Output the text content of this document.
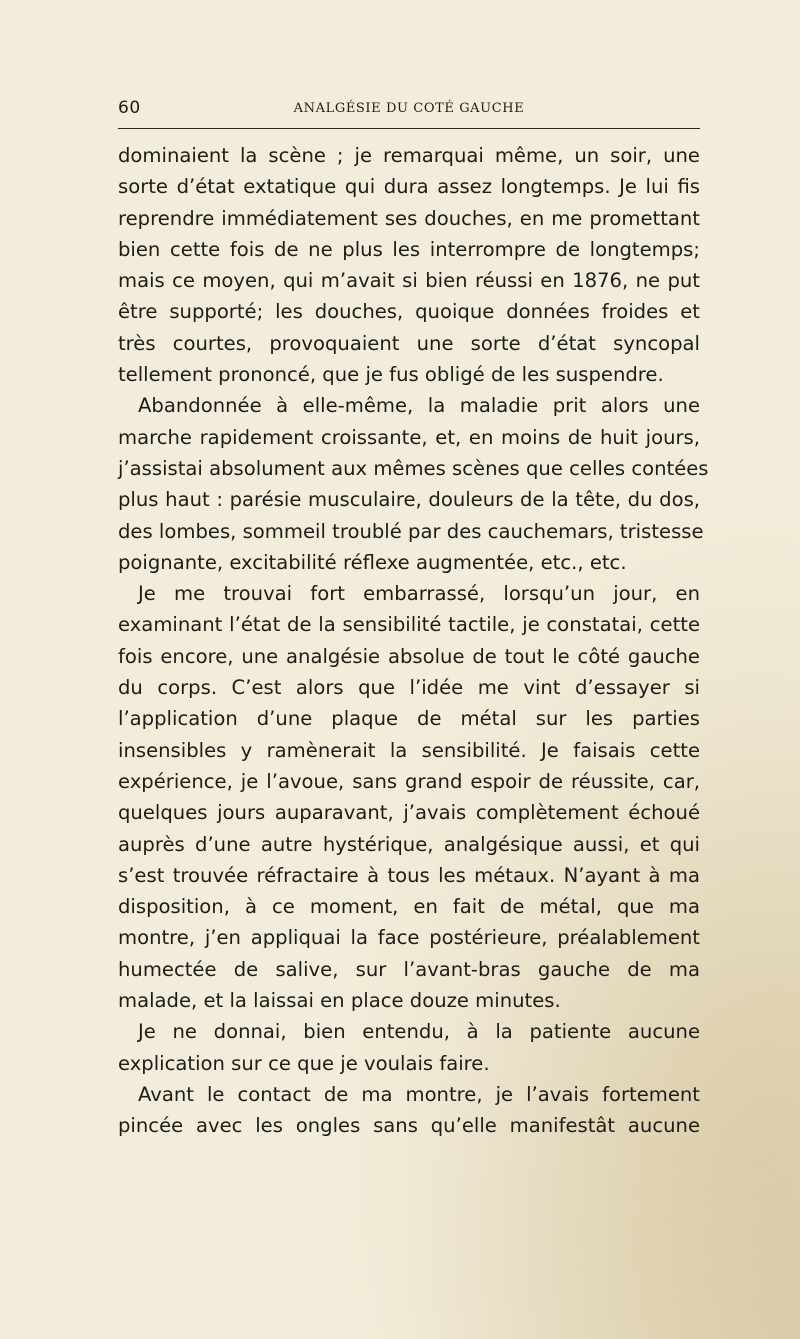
60	ANALGÉSIE DU COTÉ GAUCHE
dominaient la scène ; je remarquai même, un soir, une
sorte d’état extatique qui dura assez longtemps. Je lui fis
reprendre immédiatement ses douches, en me promettant
bien cette fois de ne plus les interrompre de longtemps;
mais ce moyen, qui m’avait si bien réussi en 1876, ne put
être supporté; les douches, quoique données froides et
très courtes, provoquaient une sorte d’état syncopal
tellement prononcé, que je fus obligé de les suspendre.
Abandonnée à elle-même, la maladie prit alors une
marche rapidement croissante, et, en moins de huit jours,
j’assistai absolument aux mêmes scènes que celles contées
plus haut : parésie musculaire, douleurs de la tête, du dos,
des lombes, sommeil troublé par des cauchemars, tristesse
poignante, excitabilité réflexe augmentée, etc., etc.
Je me trouvai fort embarrassé, lorsqu’un jour, en
examinant l’état de la sensibilité tactile, je constatai, cette
fois encore, une analgésie absolue de tout le côté gauche
du corps. C’est alors que l’idée me vint d’essayer si
l’application d’une plaque de métal sur les parties
insensibles y ramènerait la sensibilité. Je faisais cette
expérience, je l’avoue, sans grand espoir de réussite, car,
quelques jours auparavant, j’avais complètement échoué
auprès d’une autre hystérique, analgésique aussi, et qui
s’est trouvée réfractaire à tous les métaux. N’ayant à ma
disposition, à ce moment, en fait de métal, que ma
montre, j’en appliquai la face postérieure, préalablement
humectée de salive, sur l’avant-bras gauche de ma
malade, et la laissai en place douze minutes.
Je ne donnai, bien entendu, à la patiente aucune
explication sur ce que je voulais faire.
Avant le contact de ma montre, je l’avais fortement
pincée avec les ongles sans qu’elle manifestât aucune
